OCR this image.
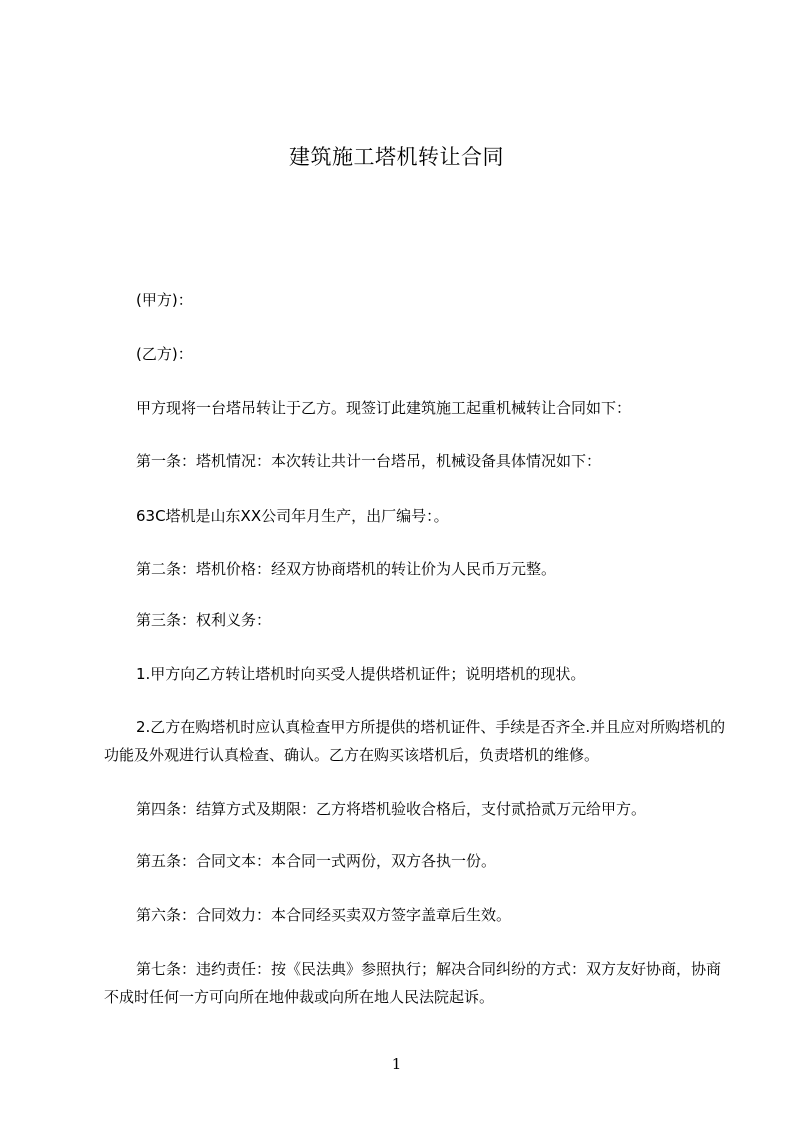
建筑施工塔机转让合同
(甲方)：
(乙方)：
甲方现将一台塔吊转让于乙方。现签订此建筑施工起重机械转让合同如下：
第一条：塔机情况：本次转让共计一台塔吊，机械设备具体情况如下：
63C塔机是山东XX公司年月生产，出厂编号：。
第二条：塔机价格：经双方协商塔机的转让价为人民币万元整。
第三条：权利义务：
1.甲方向乙方转让塔机时向买受人提供塔机证件；说明塔机的现状。
2.乙方在购塔机时应认真检查甲方所提供的塔机证件、手续是否齐全.并且应对所购塔机的功能及外观进行认真检查、确认。乙方在购买该塔机后，负责塔机的维修。
第四条：结算方式及期限：乙方将塔机验收合格后，支付贰拾贰万元给甲方。
第五条：合同文本：本合同一式两份，双方各执一份。
第六条：合同效力：本合同经买卖双方签字盖章后生效。
第七条：违约责任：按《民法典》参照执行；解决合同纠纷的方式：双方友好协商，协商不成时任何一方可向所在地仲裁或向所在地人民法院起诉。
1
